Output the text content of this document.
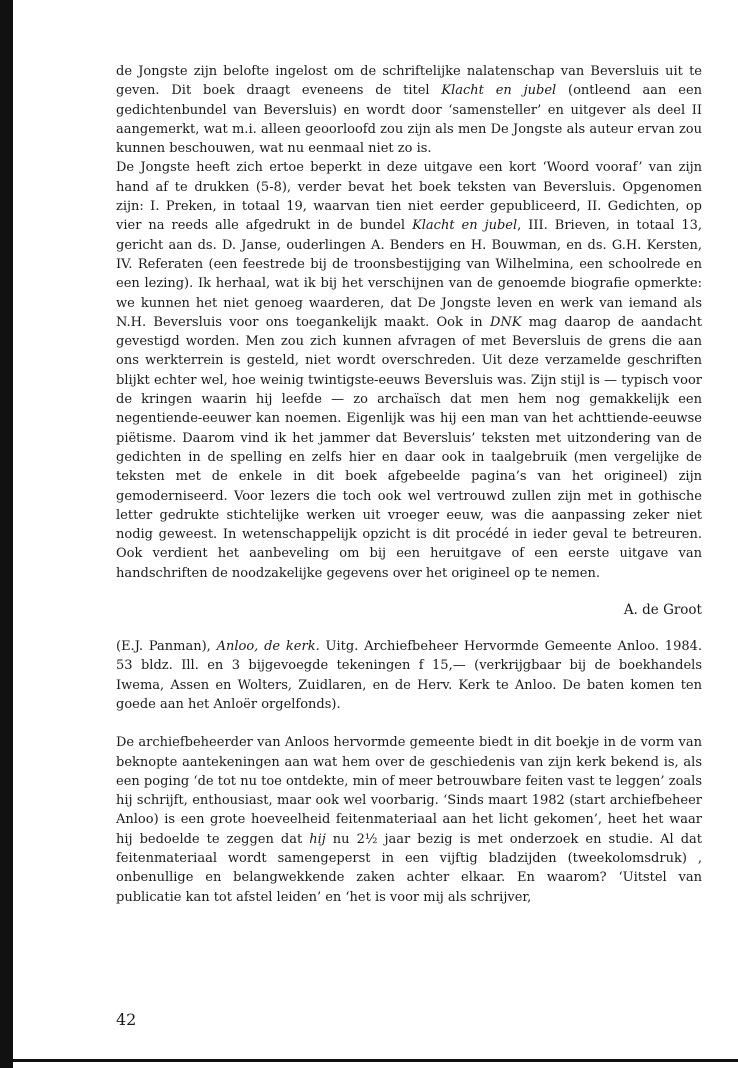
de Jongste zijn belofte ingelost om de schriftelijke nalatenschap van Beversluis uit te geven. Dit boek draagt eveneens de titel Klacht en jubel (ontleend aan een gedichtenbundel van Beversluis) en wordt door ‘samensteller’ en uitgever als deel II aangemerkt, wat m.i. alleen geoorloofd zou zijn als men De Jongste als auteur ervan zou kunnen beschouwen, wat nu eenmaal niet zo is.

De Jongste heeft zich ertoe beperkt in deze uitgave een kort ‘Woord vooraf’ van zijn hand af te drukken (5-8), verder bevat het boek teksten van Beversluis. Opgenomen zijn: I. Preken, in totaal 19, waarvan tien niet eerder gepubliceerd, II. Gedichten, op vier na reeds alle afgedrukt in de bundel Klacht en jubel, III. Brieven, in totaal 13, gericht aan ds. D. Janse, ouderlingen A. Benders en H. Bouwman, en ds. G.H. Kersten, IV. Referaten (een feestrede bij de troonsbestijging van Wilhelmina, een schoolrede en een lezing). Ik herhaal, wat ik bij het verschijnen van de genoemde biografie opmerkte: we kunnen het niet genoeg waarderen, dat De Jongste leven en werk van iemand als N.H. Beversluis voor ons toegankelijk maakt. Ook in DNK mag daarop de aandacht gevestigd worden. Men zou zich kunnen afvragen of met Beversluis de grens die aan ons werkterrein is gesteld, niet wordt overschreden. Uit deze verzamelde geschriften blijkt echter wel, hoe weinig twintigste-eeuws Beversluis was. Zijn stijl is — typisch voor de kringen waarin hij leefde — zo archaïsch dat men hem nog gemakkelijk een negentiende-eeuwer kan noemen. Eigenlijk was hij een man van het achttiende-eeuwse piëtisme. Daarom vind ik het jammer dat Beversluis’ teksten met uitzondering van de gedichten in de spelling en zelfs hier en daar ook in taalgebruik (men vergelijke de teksten met de enkele in dit boek afgebeelde pagina’s van het origineel) zijn gemoderniseerd. Voor lezers die toch ook wel vertrouwd zullen zijn met in gothische letter gedrukte stichtelijke werken uit vroeger eeuw, was die aanpassing zeker niet nodig geweest. In wetenschappelijk opzicht is dit procédé in ieder geval te betreuren. Ook verdient het aanbeveling om bij een heruitgave of een eerste uitgave van handschriften de noodzakelijke gegevens over het origineel op te nemen.

A. de Groot

(E.J. Panman), Anloo, de kerk. Uitg. Archiefbeheer Hervormde Gemeente Anloo. 1984. 53 bldz. Ill. en 3 bijgevoegde tekeningen f 15,— (verkrijgbaar bij de boekhandels Iwema, Assen en Wolters, Zuidlaren, en de Herv. Kerk te Anloo. De baten komen ten goede aan het Anloër orgelfonds).

De archiefbeheerder van Anloos hervormde gemeente biedt in dit boekje in de vorm van beknopte aantekeningen aan wat hem over de geschiedenis van zijn kerk bekend is, als een poging ‘de tot nu toe ontdekte, min of meer betrouwbare feiten vast te leggen’ zoals hij schrijft, enthousiast, maar ook wel voorbarig. ‘Sinds maart 1982 (start archiefbeheer Anloo) is een grote hoeveelheid feitenmateriaal aan het licht gekomen’, heet het waar hij bedoelde te zeggen dat hij nu 2½ jaar bezig is met onderzoek en studie. Al dat feitenmateriaal wordt samengeperst in een vijftig bladzijden (tweekolomsdruk) , onbenullige en belangwekkende zaken achter elkaar. En waarom? ‘Uitstel van publicatie kan tot afstel leiden’ en ‘het is voor mij als schrijver,

42
